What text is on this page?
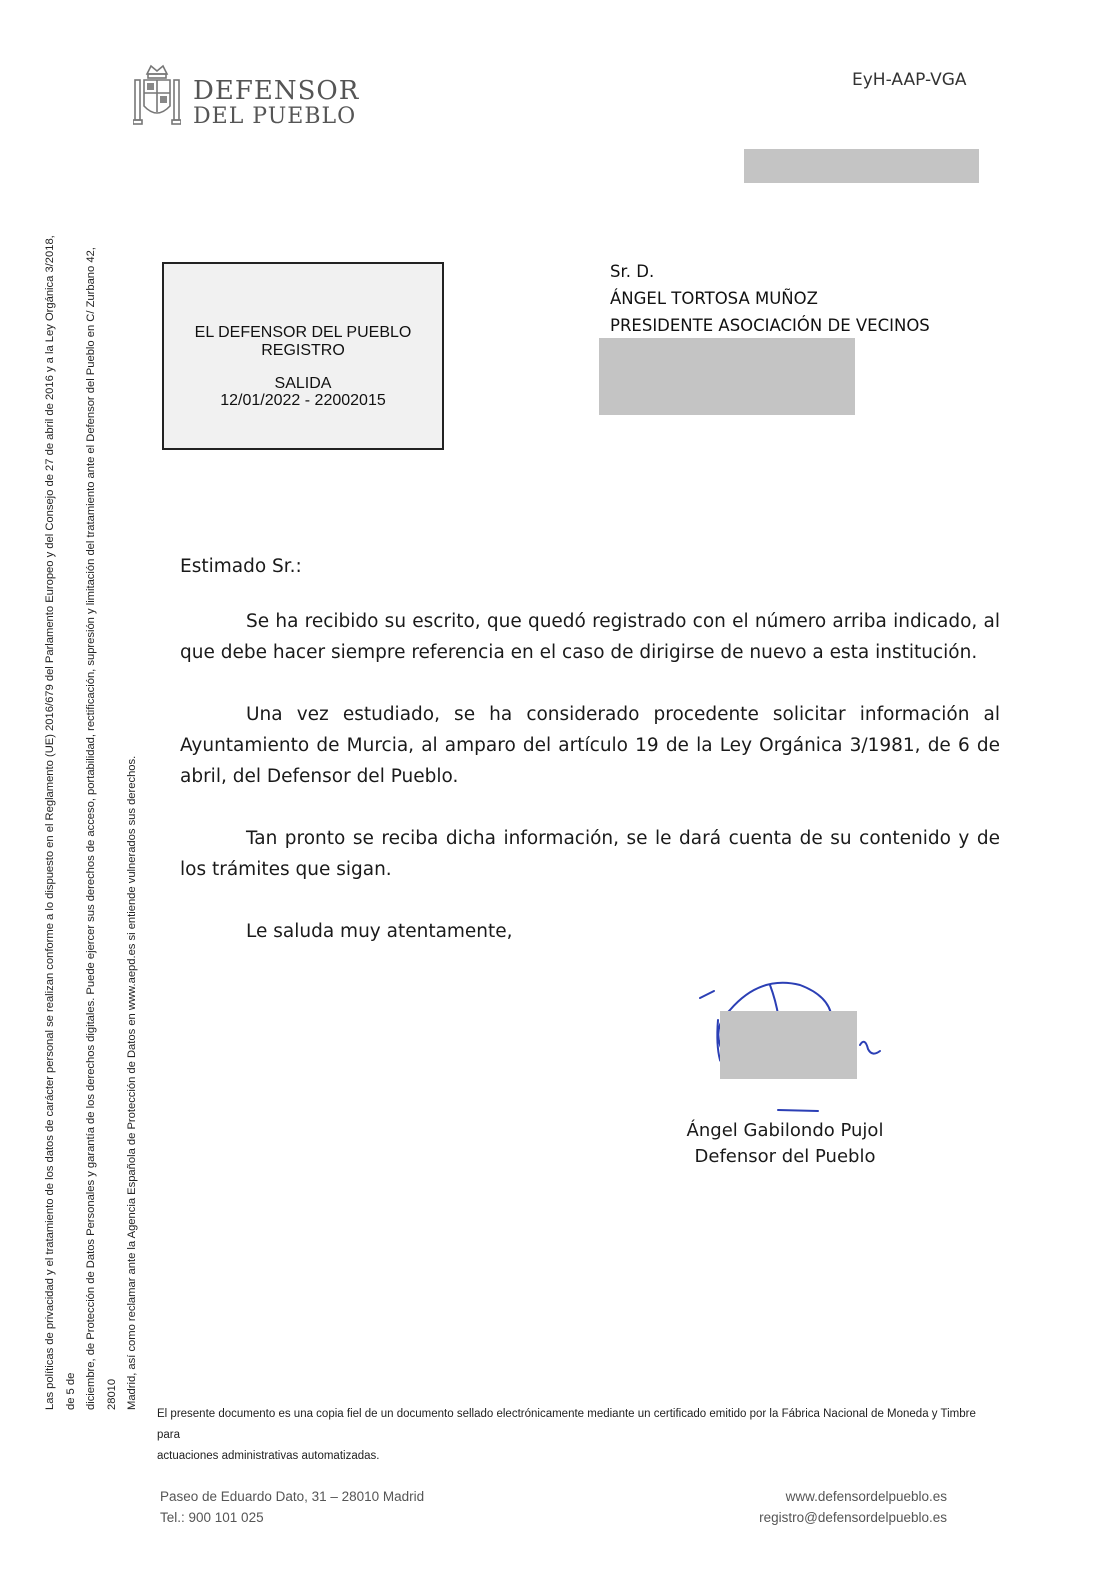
DEFENSOR
DEL PUEBLO
EyH-AAP-VGA
EL DEFENSOR DEL PUEBLO
REGISTRO
SALIDA
12/01/2022 - 22002015
Sr. D.
ÁNGEL TORTOSA MUÑOZ
PRESIDENTE ASOCIACIÓN DE VECINOS
Estimado Sr.:
Se ha recibido su escrito, que quedó registrado con el número arriba indicado, al que debe hacer siempre referencia en el caso de dirigirse de nuevo a esta institución.
Una vez estudiado, se ha considerado procedente solicitar información al Ayuntamiento de Murcia, al amparo del artículo 19 de la Ley Orgánica 3/1981, de 6 de abril, del Defensor del Pueblo.
Tan pronto se reciba dicha información, se le dará cuenta de su contenido y de los trámites que sigan.
Le saluda muy atentamente,
Ángel Gabilondo Pujol
Defensor del Pueblo
Las políticas de privacidad y el tratamiento de los datos de carácter personal se realizan conforme a lo dispuesto en el Reglamento (UE) 2016/679 del Parlamento Europeo y del Consejo de 27 de abril de 2016 y a la Ley Orgánica 3/2018, de 5 de diciembre, de Protección de Datos Personales y garantía de los derechos digitales. Puede ejercer sus derechos de acceso, portabilidad, rectificación, supresión y limitación del tratamiento ante el Defensor del Pueblo en C/ Zurbano 42, 28010 Madrid, así como reclamar ante la Agencia Española de Protección de Datos en www.aepd.es si entiende vulnerados sus derechos.
El presente documento es una copia fiel de un documento sellado electrónicamente mediante un certificado emitido por la Fábrica Nacional de Moneda y Timbre para
actuaciones administrativas automatizadas.
Paseo de Eduardo Dato, 31 – 28010 Madrid
Tel.: 900 101 025
www.defensordelpueblo.es
registro@defensordelpueblo.es
